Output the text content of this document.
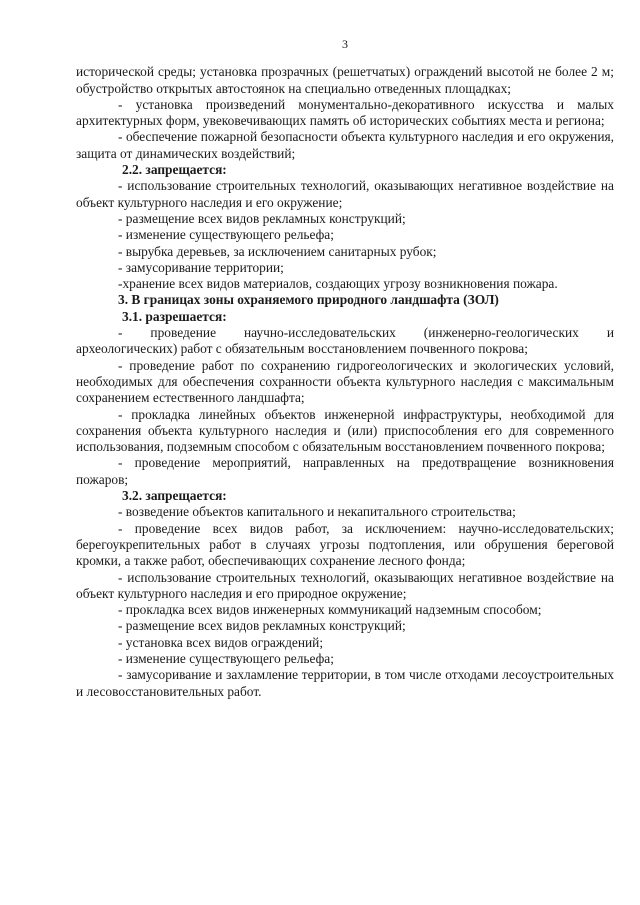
3

исторической среды; установка прозрачных (решетчатых) ограждений высотой не более 2 м; обустройство открытых автостоянок на специально отведенных площадках;

- установка произведений монументально-декоративного искусства и малых архитектурных форм, увековечивающих память об исторических событиях места и региона;

- обеспечение пожарной безопасности объекта культурного наследия и его окружения, защита от динамических воздействий;

2.2. запрещается:

- использование строительных технологий, оказывающих негативное воздействие на объект культурного наследия и его окружение;

- размещение всех видов рекламных конструкций;

- изменение существующего рельефа;

- вырубка деревьев, за исключением санитарных рубок;

- замусоривание территории;

-хранение всех видов материалов, создающих угрозу возникновения пожара.

3. В границах зоны охраняемого природного ландшафта (ЗОЛ)

3.1. разрешается:

- проведение научно-исследовательских (инженерно-геологических и археологических) работ с обязательным восстановлением почвенного покрова;

- проведение работ по сохранению гидрогеологических и экологических условий, необходимых для обеспечения сохранности объекта культурного наследия с максимальным сохранением естественного ландшафта;

- прокладка линейных объектов инженерной инфраструктуры, необходимой для сохранения объекта культурного наследия и (или) приспособления его для современного использования, подземным способом с обязательным восстановлением почвенного покрова;

- проведение мероприятий, направленных на предотвращение возникновения пожаров;

3.2. запрещается:

- возведение объектов капитального и некапитального строительства;

- проведение всех видов работ, за исключением: научно-исследовательских; берегоукрепительных работ в случаях угрозы подтопления, или обрушения береговой кромки, а также работ, обеспечивающих сохранение лесного фонда;

- использование строительных технологий, оказывающих негативное воздействие на объект культурного наследия и его природное окружение;

- прокладка всех видов инженерных коммуникаций надземным способом;

- размещение всех видов рекламных конструкций;

- установка всех видов ограждений;

- изменение существующего рельефа;

- замусоривание и захламление территории, в том числе отходами лесоустроительных и лесовосстановительных работ.
